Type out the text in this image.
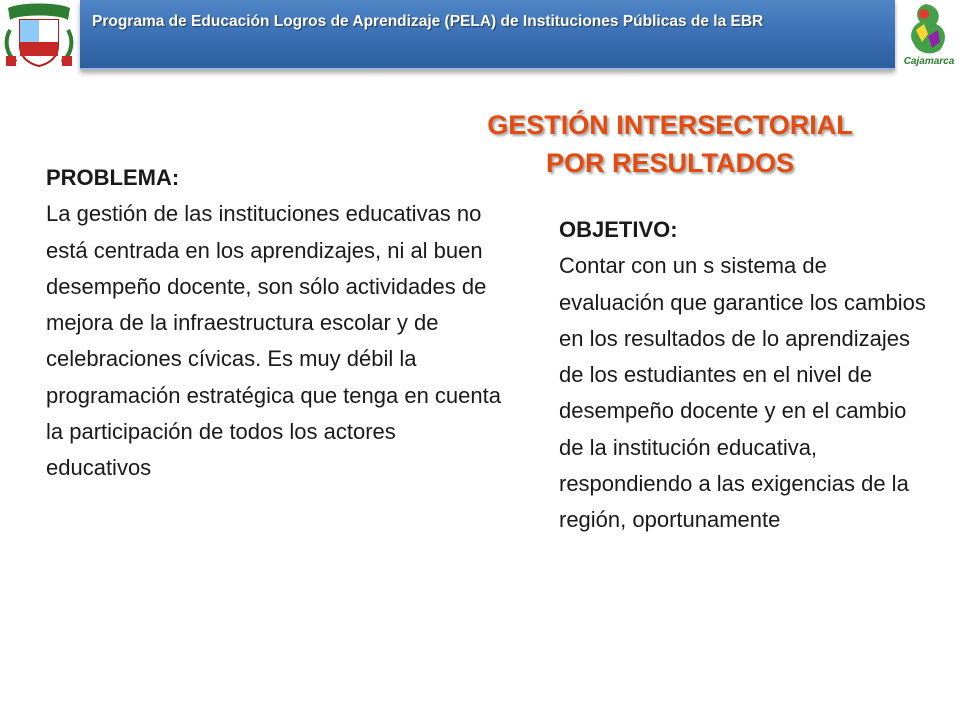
Programa de Educación Logros de Aprendizaje (PELA) de Instituciones Públicas de la EBR
Cajamarca
GESTIÓN INTERSECTORIAL
POR RESULTADOS
PROBLEMA:
La gestión de las instituciones educativas no está centrada en los aprendizajes, ni al buen desempeño docente, son sólo actividades de mejora de la infraestructura escolar y de celebraciones cívicas. Es muy débil la programación estratégica que tenga en cuenta la participación de todos los actores educativos
OBJETIVO:
Contar con un s sistema de evaluación que garantice los cambios en los resultados de lo aprendizajes de los estudiantes en el nivel de desempeño docente y en el cambio de la institución educativa, respondiendo a las exigencias de la región, oportunamente
